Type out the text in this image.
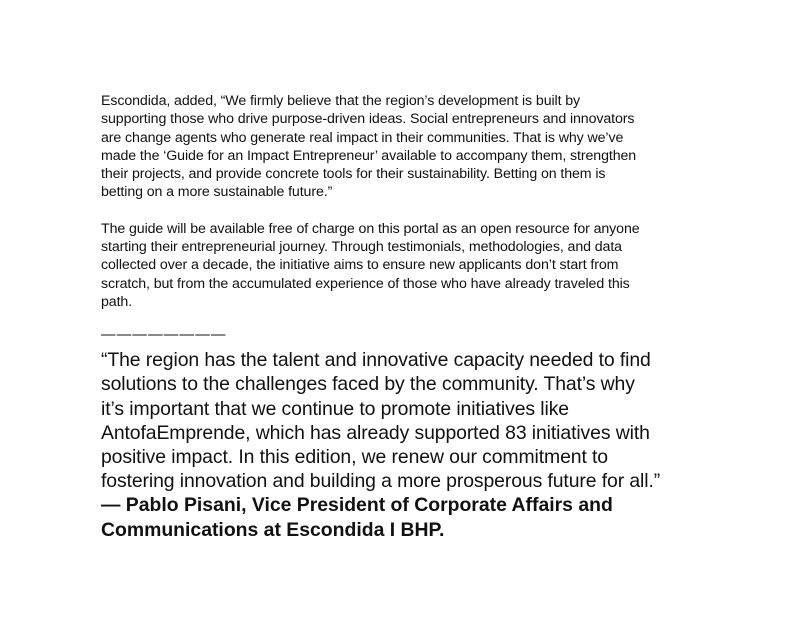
Escondida, added, “We firmly believe that the region’s development is built by
supporting those who drive purpose-driven ideas. Social entrepreneurs and innovators
are change agents who generate real impact in their communities. That is why we’ve
made the ‘Guide for an Impact Entrepreneur’ available to accompany them, strengthen
their projects, and provide concrete tools for their sustainability. Betting on them is
betting on a more sustainable future.”

The guide will be available free of charge on this portal as an open resource for anyone
starting their entrepreneurial journey. Through testimonials, methodologies, and data
collected over a decade, the initiative aims to ensure new applicants don’t start from
scratch, but from the accumulated experience of those who have already traveled this
path.

————————

“The region has the talent and innovative capacity needed to find
solutions to the challenges faced by the community. That’s why
it’s important that we continue to promote initiatives like
AntofaEmprende, which has already supported 83 initiatives with
positive impact. In this edition, we renew our commitment to
fostering innovation and building a more prosperous future for all.”

— Pablo Pisani, Vice President of Corporate Affairs and
Communications at Escondida I BHP.
